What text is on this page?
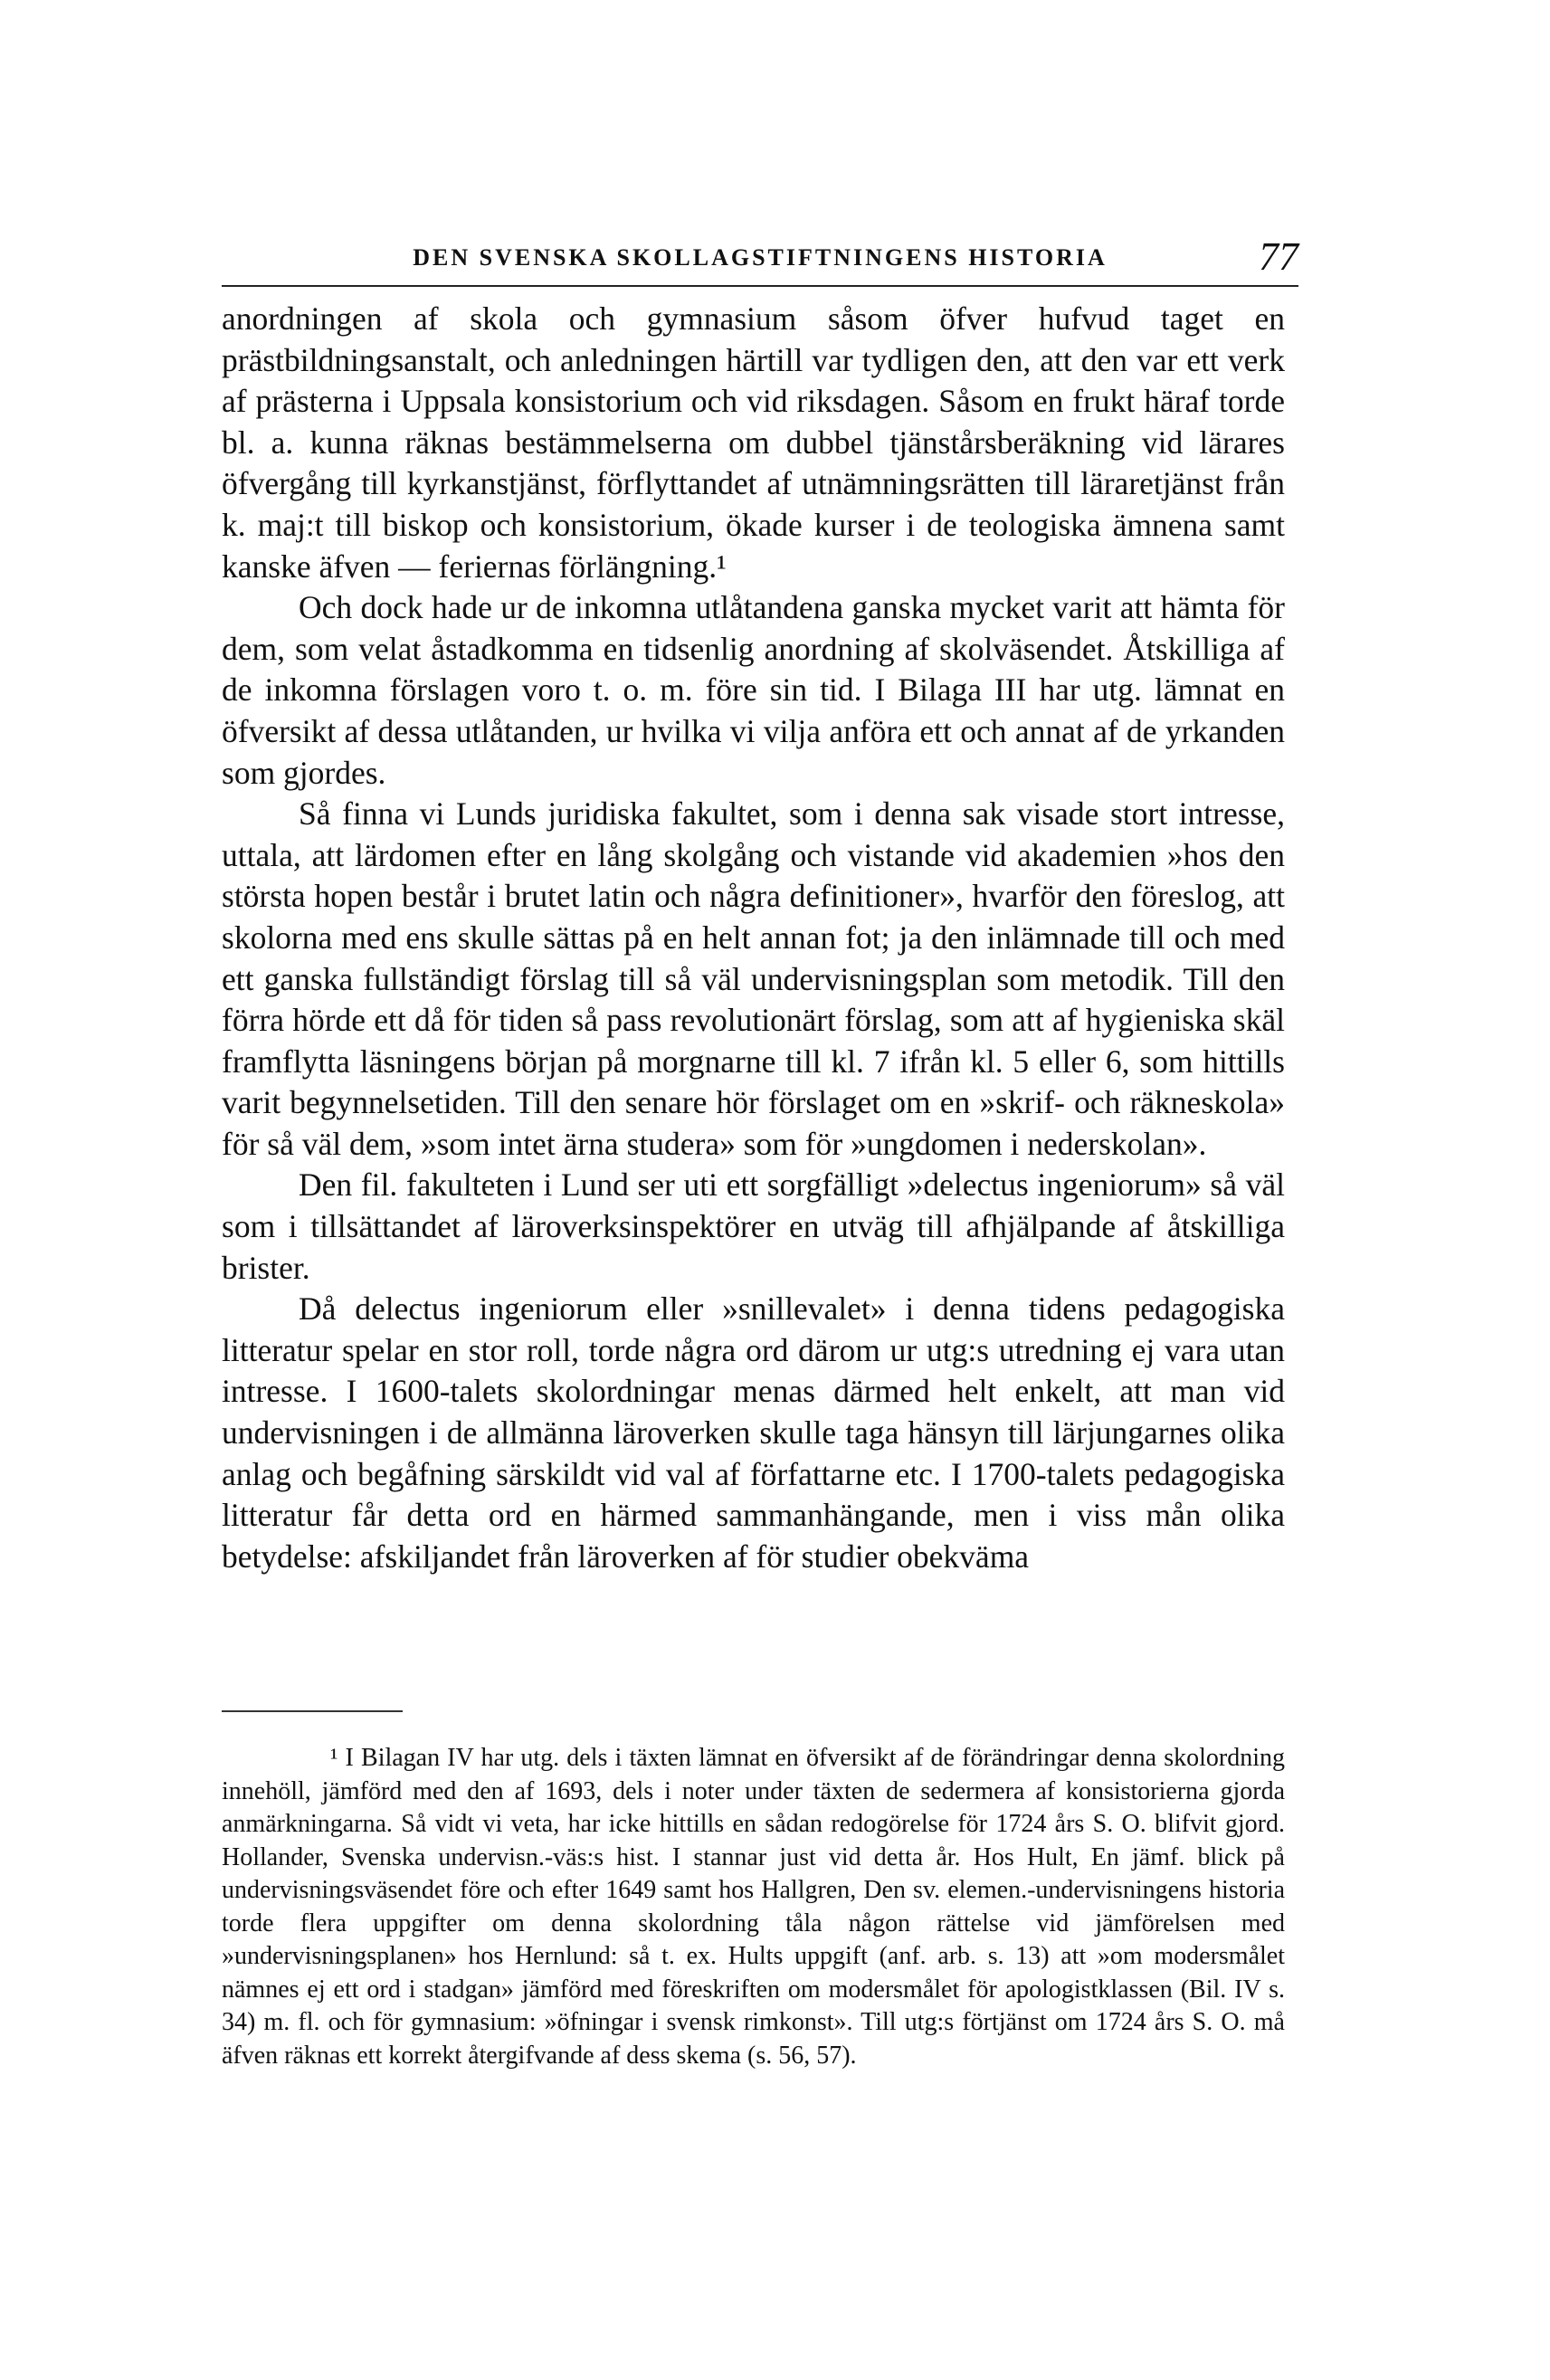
DEN SVENSKA SKOLLAGSTIFTNINGENS HISTORIA	77

anordningen af skola och gymnasium såsom öfver hufvud taget en prästbildningsanstalt, och anledningen härtill var tydligen den, att den var ett verk af prästerna i Uppsala konsistorium och vid riksdagen. Såsom en frukt häraf torde bl. a. kunna räknas bestämmelserna om dubbel tjänstårsberäkning vid lärares öfvergång till kyrkanstjänst, förflyttandet af utnämningsrätten till läraretjänst från k. maj:t till biskop och konsistorium, ökade kurser i de teologiska ämnena samt kanske äfven — feriernas förlängning.¹

Och dock hade ur de inkomna utlåtandena ganska mycket varit att hämta för dem, som velat åstadkomma en tidsenlig anordning af skolväsendet. Åtskilliga af de inkomna förslagen voro t. o. m. före sin tid. I Bilaga III har utg. lämnat en öfversikt af dessa utlåtanden, ur hvilka vi vilja anföra ett och annat af de yrkanden som gjordes.

Så finna vi Lunds juridiska fakultet, som i denna sak visade stort intresse, uttala, att lärdomen efter en lång skolgång och vistande vid akademien »hos den största hopen består i brutet latin och några definitioner», hvarför den föreslog, att skolorna med ens skulle sättas på en helt annan fot; ja den inlämnade till och med ett ganska fullständigt förslag till så väl undervisningsplan som metodik. Till den förra hörde ett då för tiden så pass revolutionärt förslag, som att af hygieniska skäl framflytta läsningens början på morgnarne till kl. 7 ifrån kl. 5 eller 6, som hittills varit begynnelsetiden. Till den senare hör förslaget om en »skrif- och räkneskola» för så väl dem, »som intet ärna studera» som för »ungdomen i nederskolan».

Den fil. fakulteten i Lund ser uti ett sorgfälligt »delectus ingeniorum» så väl som i tillsättandet af läroverksinspektörer en utväg till afhjälpande af åtskilliga brister.

Då delectus ingeniorum eller »snillevalet» i denna tidens pedagogiska litteratur spelar en stor roll, torde några ord därom ur utg:s utredning ej vara utan intresse. I 1600-talets skolordningar menas därmed helt enkelt, att man vid undervisningen i de allmänna läroverken skulle taga hänsyn till lärjungarnes olika anlag och begåfning särskildt vid val af författarne etc. I 1700-talets pedagogiska litteratur får detta ord en härmed sammanhängande, men i viss mån olika betydelse: afskiljandet från läroverken af för studier obekväma

¹ I Bilagan IV har utg. dels i täxten lämnat en öfversikt af de förändringar denna skolordning innehöll, jämförd med den af 1693, dels i noter under täxten de sedermera af konsistorierna gjorda anmärkningarna. Så vidt vi veta, har icke hittills en sådan redogörelse för 1724 års S. O. blifvit gjord. Hollander, Svenska undervisn.-väs:s hist. I stannar just vid detta år. Hos Hult, En jämf. blick på undervisningsväsendet före och efter 1649 samt hos Hallgren, Den sv. elemen.-undervisningens historia torde flera uppgifter om denna skolordning tåla någon rättelse vid jämförelsen med »undervisningsplanen» hos Hernlund: så t. ex. Hults uppgift (anf. arb. s. 13) att »om modersmålet nämnes ej ett ord i stadgan» jämförd med föreskriften om modersmålet för apologistklassen (Bil. IV s. 34) m. fl. och för gymnasium: »öfningar i svensk rimkonst». Till utg:s förtjänst om 1724 års S. O. må äfven räknas ett korrekt återgifvande af dess skema (s. 56, 57).
